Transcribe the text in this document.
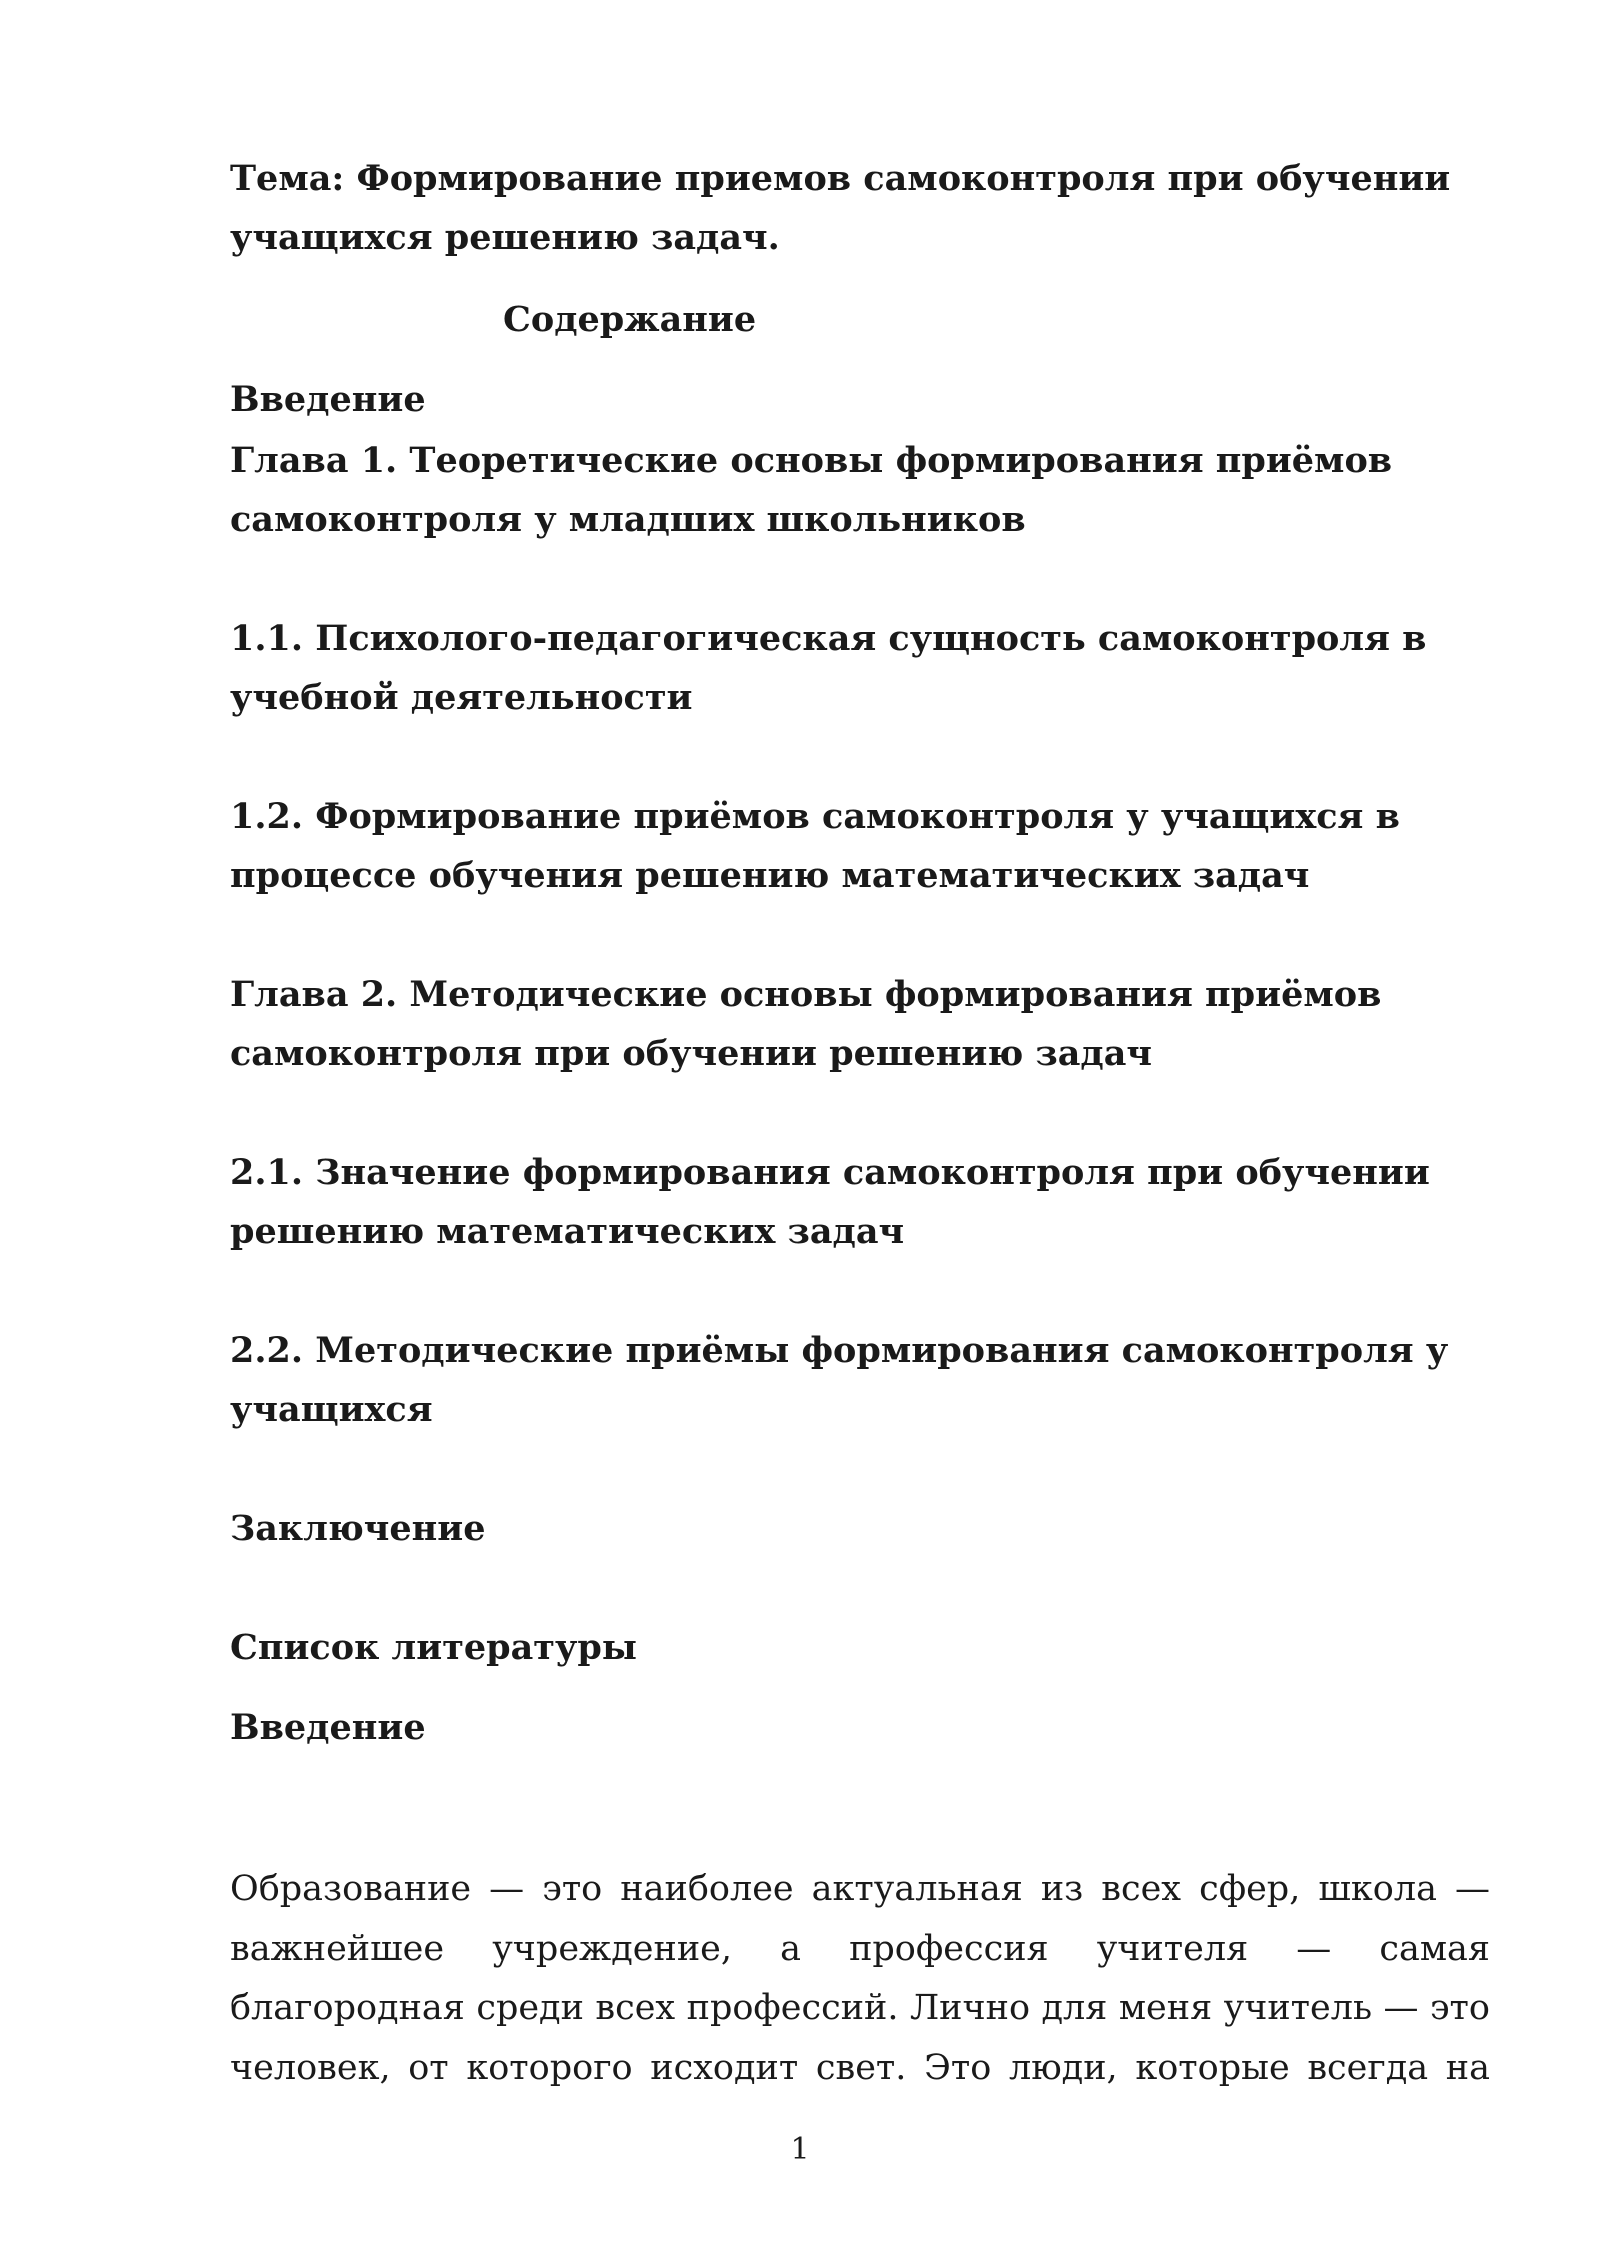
Тема: Формирование приемов самоконтроля при обучении

учащихся решению задач.

Содержание

Введение

Глава 1. Теоретические основы формирования приёмов

самоконтроля у младших школьников

1.1. Психолого-педагогическая сущность самоконтроля в

учебной деятельности

1.2. Формирование приёмов самоконтроля у учащихся в

процессе обучения решению математических задач

Глава 2. Методические основы формирования приёмов

самоконтроля при обучении решению задач

2.1. Значение формирования самоконтроля при обучении

решению математических задач

2.2. Методические приёмы формирования самоконтроля у

учащихся

Заключение

Список литературы

Введение

Образование — это наиболее актуальная из всех сфер, школа —
важнейшее учреждение, а профессия учителя — самая
благородная среди всех профессий. Лично для меня учитель — это
человек, от которого исходит свет. Это люди, которые всегда на

1
